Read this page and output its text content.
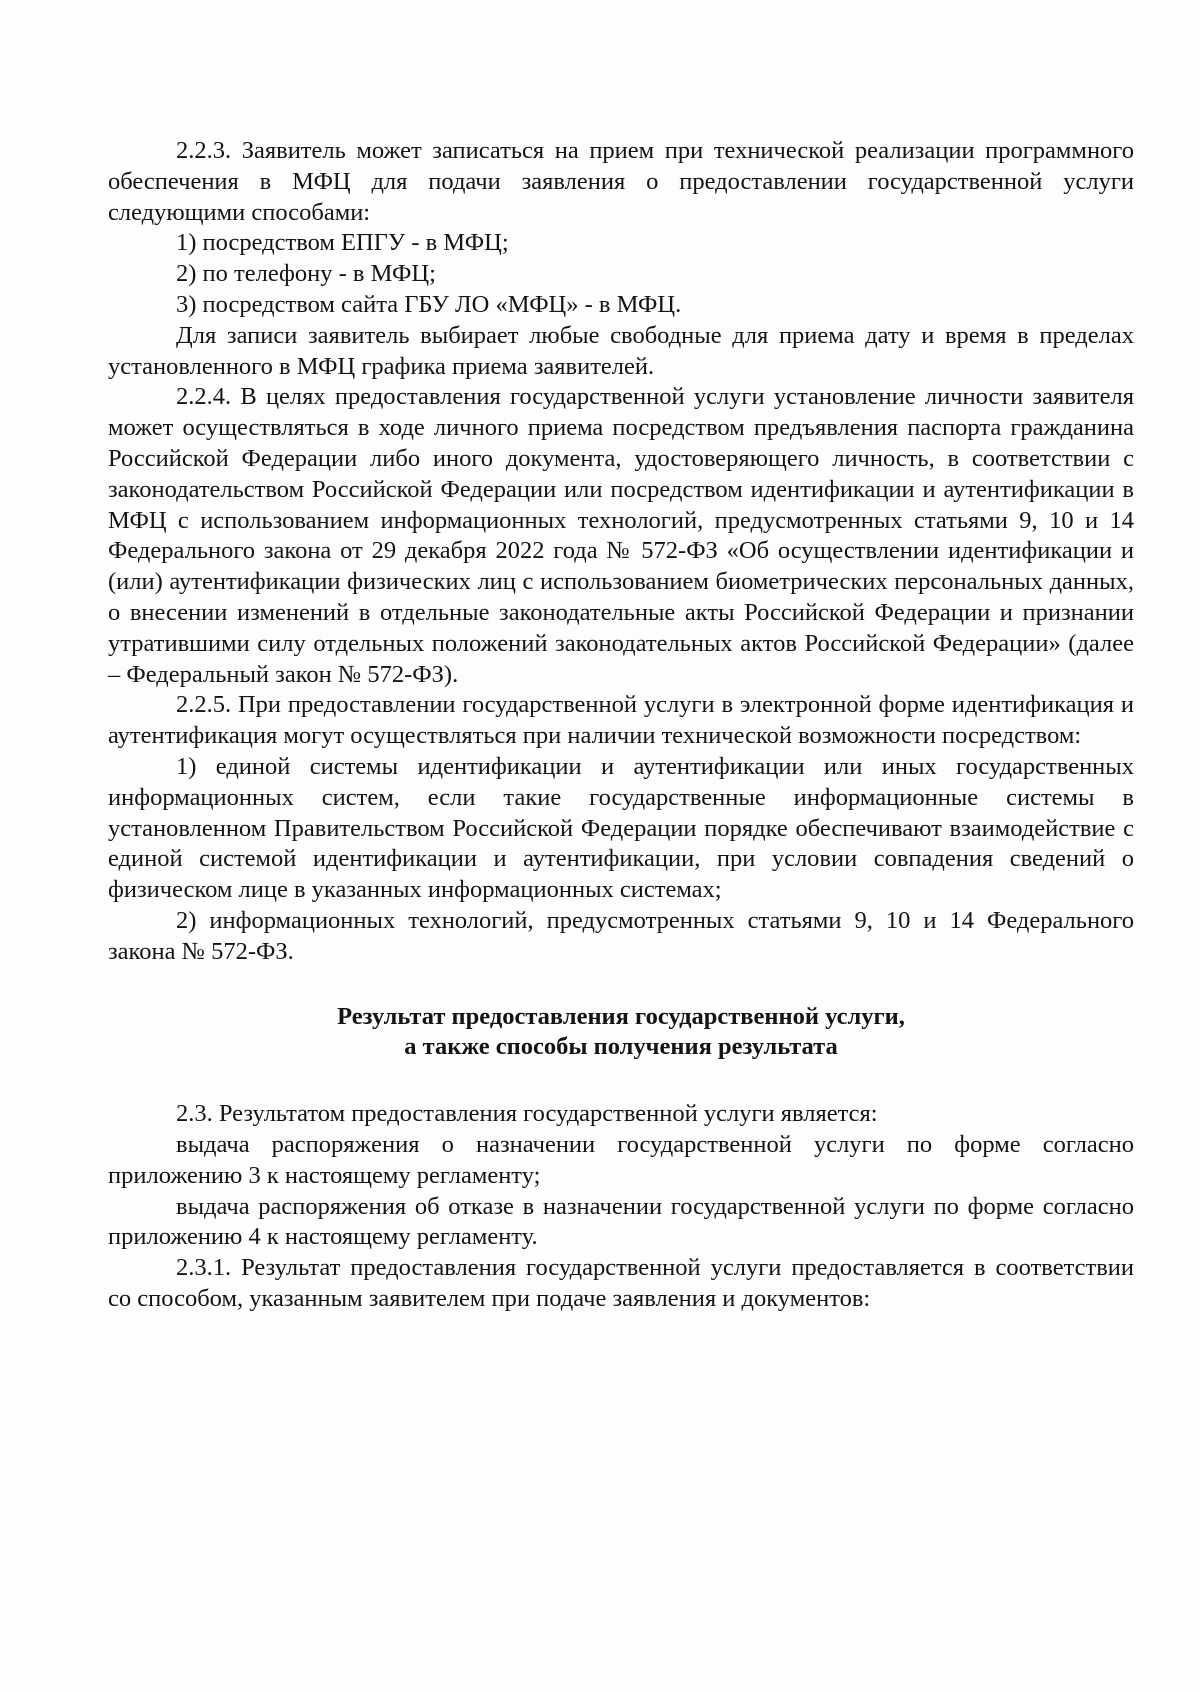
2.2.3. Заявитель может записаться на прием при технической реализации программного обеспечения в МФЦ для подачи заявления о предоставлении государственной услуги следующими способами:

1) посредством ЕПГУ - в МФЦ;

2) по телефону - в МФЦ;

3) посредством сайта ГБУ ЛО «МФЦ» - в МФЦ.

Для записи заявитель выбирает любые свободные для приема дату и время в пределах установленного в МФЦ графика приема заявителей.

2.2.4. В целях предоставления государственной услуги установление личности заявителя может осуществляться в ходе личного приема посредством предъявления паспорта гражданина Российской Федерации либо иного документа, удостоверяющего личность, в соответствии с законодательством Российской Федерации или посредством идентификации и аутентификации в МФЦ с использованием информационных технологий, предусмотренных статьями 9, 10 и 14 Федерального закона от 29 декабря 2022 года № 572-ФЗ «Об осуществлении идентификации и (или) аутентификации физических лиц с использованием биометрических персональных данных, о внесении изменений в отдельные законодательные акты Российской Федерации и признании утратившими силу отдельных положений законодательных актов Российской Федерации» (далее – Федеральный закон № 572-ФЗ).

2.2.5. При предоставлении государственной услуги в электронной форме идентификация и аутентификация могут осуществляться при наличии технической возможности посредством:

1) единой системы идентификации и аутентификации или иных государственных информационных систем, если такие государственные информационные системы в установленном Правительством Российской Федерации порядке обеспечивают взаимодействие с единой системой идентификации и аутентификации, при условии совпадения сведений о физическом лице в указанных информационных системах;

2) информационных технологий, предусмотренных статьями 9, 10 и 14 Федерального закона № 572-ФЗ.

Результат предоставления государственной услуги,

а также способы получения результата

2.3. Результатом предоставления государственной услуги является:

выдача распоряжения о назначении государственной услуги по форме согласно приложению 3 к настоящему регламенту;

выдача распоряжения об отказе в назначении государственной услуги по форме согласно приложению 4 к настоящему регламенту.

2.3.1. Результат предоставления государственной услуги предоставляется в соответствии со способом, указанным заявителем при подаче заявления и документов:
